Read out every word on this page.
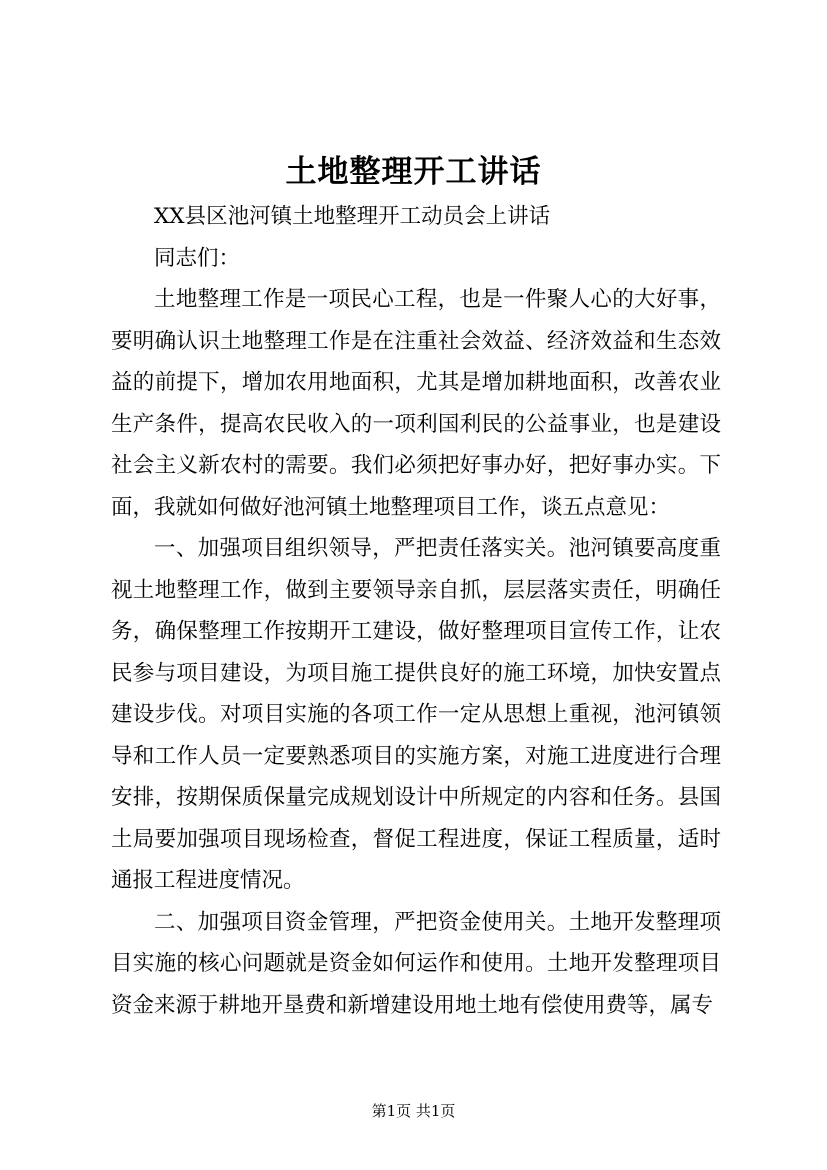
土地整理开工讲话

XX县区池河镇土地整理开工动员会上讲话

同志们：

土地整理工作是一项民心工程，也是一件聚人心的大好事，要明确认识土地整理工作是在注重社会效益、经济效益和生态效益的前提下，增加农用地面积，尤其是增加耕地面积，改善农业生产条件，提高农民收入的一项利国利民的公益事业，也是建设社会主义新农村的需要。我们必须把好事办好，把好事办实。下面，我就如何做好池河镇土地整理项目工作，谈五点意见：

一、加强项目组织领导，严把责任落实关。池河镇要高度重视土地整理工作，做到主要领导亲自抓，层层落实责任，明确任务，确保整理工作按期开工建设，做好整理项目宣传工作，让农民参与项目建设，为项目施工提供良好的施工环境，加快安置点建设步伐。对项目实施的各项工作一定从思想上重视，池河镇领导和工作人员一定要熟悉项目的实施方案，对施工进度进行合理安排，按期保质保量完成规划设计中所规定的内容和任务。县国土局要加强项目现场检查，督促工程进度，保证工程质量，适时通报工程进度情况。

二、加强项目资金管理，严把资金使用关。土地开发整理项目实施的核心问题就是资金如何运作和使用。土地开发整理项目资金来源于耕地开垦费和新增建设用地土地有偿使用费等，属专

第1页 共1页
